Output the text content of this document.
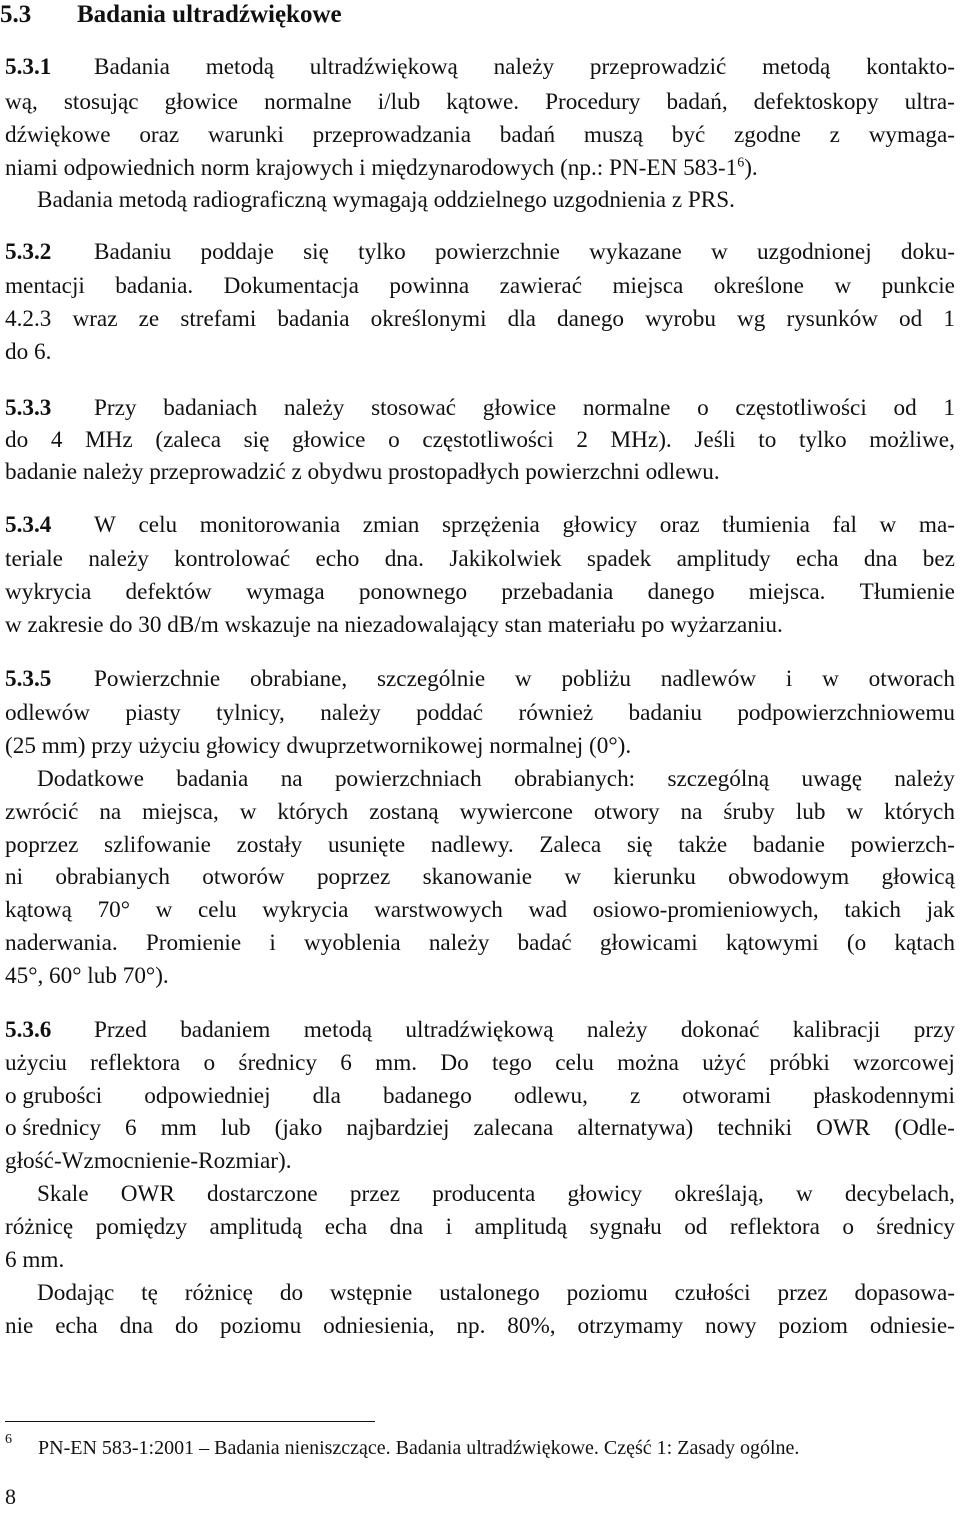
5.3 Badania ultradźwiękowe
5.3.1 Badania metodą ultradźwiękową należy przeprowadzić metodą kontakto-
wą, stosując głowice normalne i/lub kątowe. Procedury badań, defektoskopy ultra-
dźwiękowe oraz warunki przeprowadzania badań muszą być zgodne z wymaga-
niami odpowiednich norm krajowych i międzynarodowych (np.: PN-EN $583-1^6$).
Badania metodą radiograficzną wymagają oddzielnego uzgodnienia z PRS.
5.3.2 Badaniu poddaje się tylko powierzchnie wykazane w uzgodnionej doku-
mentacji badania. Dokumentacja powinna zawierać miejsca określone w punkcie
4.2.3 wraz ze strefami badania określonymi dla danego wyrobu wg rysunków od 1
do 6.
5.3.3 Przy badaniach należy stosować głowice normalne o częstotliwości od 1
do 4 MHz (zaleca się głowice o częstotliwości 2 MHz). Jeśli to tylko możliwe,
badanie należy przeprowadzić z obydwu prostopadłych powierzchni odlewu.
5.3.4 W celu monitorowania zmian sprzężenia głowicy oraz tłumienia fal w ma-
teriale należy kontrolować echo dna. Jakikolwiek spadek amplitudy echa dna bez
wykrycia defektów wymaga ponownego przebadania danego miejsca. Tłumienie
w zakresie do 30 dB/m wskazuje na niezadowalający stan materiału po wyżarzaniu.
5.3.5 Powierzchnie obrabiane, szczególnie w pobliżu nadlewów i w otworach
odlewów piasty tylnicy, należy poddać również badaniu podpowierzchniowemu
(25 mm) przy użyciu głowicy dwuprzetwornikowej normalnej (0°).
Dodatkowe badania na powierzchniach obrabianych: szczególną uwagę należy
zwrócić na miejsca, w których zostaną wywiercone otwory na śruby lub w których
poprzez szlifowanie zostały usunięte nadlewy. Zaleca się także badanie powierzch-
ni obrabianych otworów poprzez skanowanie w kierunku obwodowym głowicą
kątową 70° w celu wykrycia warstwowych wad osiowo-promieniowych, takich jak
naderwania. Promienie i wyoblenia należy badać głowicami kątowymi (o kątach
45°, 60° lub 70°).
5.3.6 Przed badaniem metodą ultradźwiękową należy dokonać kalibracji przy
użyciu reflektora o średnicy 6 mm. Do tego celu można użyć próbki wzorcowej
o grubości odpowiedniej dla badanego odlewu, z otworami płaskodennymi
o średnicy 6 mm lub (jako najbardziej zalecana alternatywa) techniki OWR (Odle-
głość-Wzmocnienie-Rozmiar).
Skale OWR dostarczone przez producenta głowicy określają, w decybelach,
różnicę pomiędzy amplitudą echa dna i amplitudą sygnału od reflektora o średnicy
6 mm.
Dodając tę różnicę do wstępnie ustalonego poziomu czułości przez dopasowa-
nie echa dna do poziomu odniesienia, np. 80%, otrzymamy nowy poziom odniesie-
6 PN-EN 583-1:2001 – Badania nieniszczące. Badania ultradźwiękowe. Część 1: Zasady ogólne.
8
